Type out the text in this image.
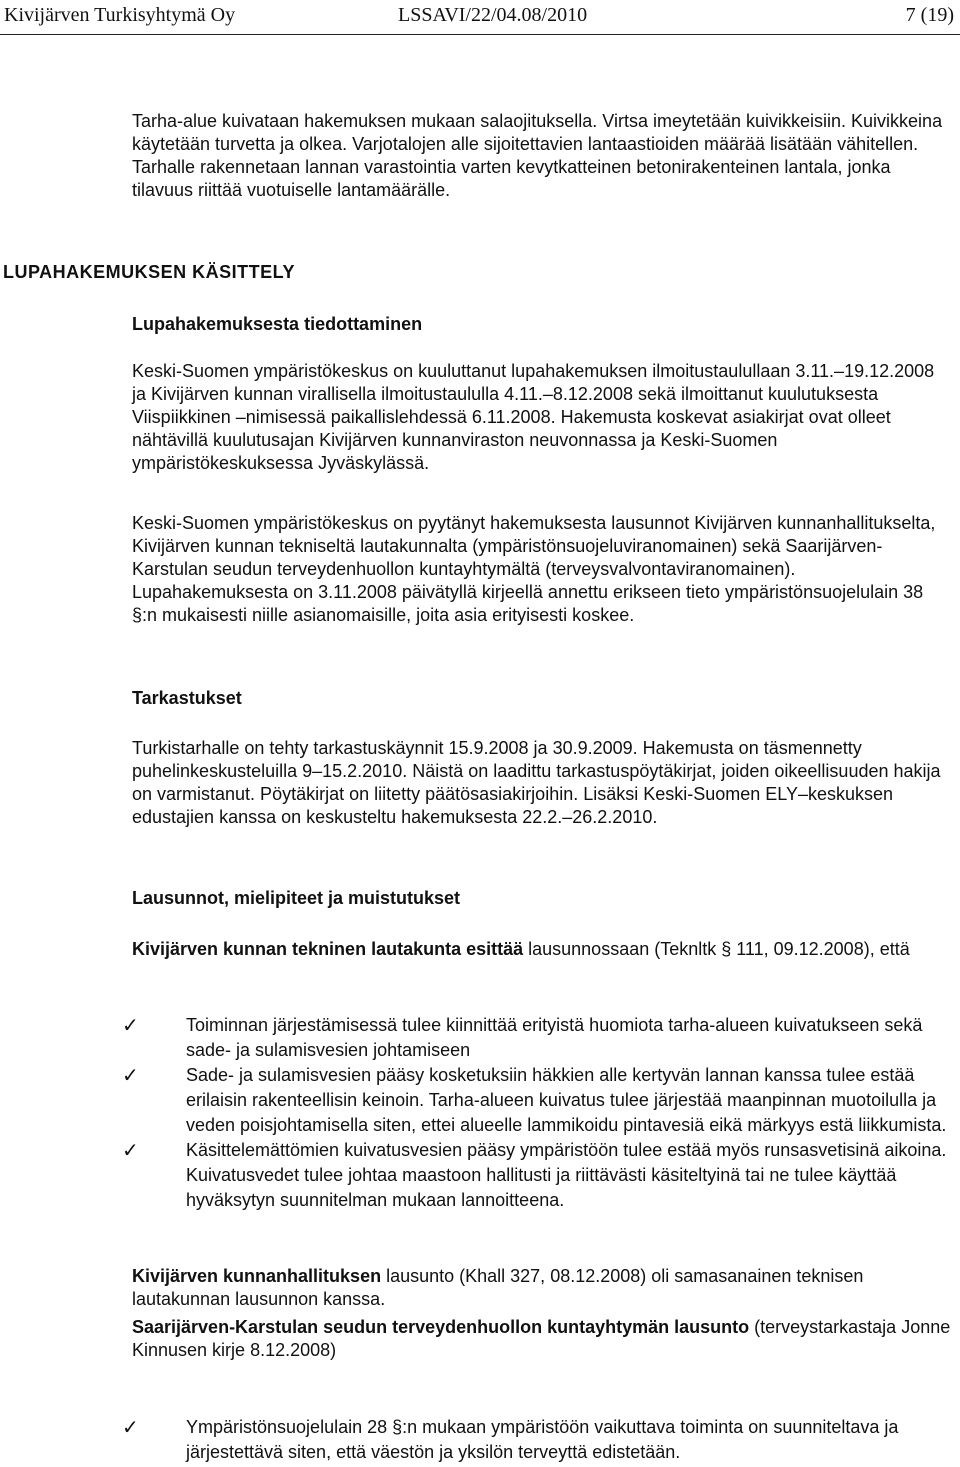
Kivijärven Turkisyhtymä Oy	LSSAVI/22/04.08/2010	7 (19)

Tarha-alue kuivataan hakemuksen mukaan salaojituksella. Virtsa imeytetään kuivikkeisiin. Kuivikkeina käytetään turvetta ja olkea. Varjotalojen alle sijoitettavien lantaastioiden määrää lisätään vähitellen. Tarhalle rakennetaan lannan varastointia varten kevytkatteinen betonirakenteinen lantala, jonka tilavuus riittää vuotuiselle lantamäärälle.

LUPAHAKEMUKSEN KÄSITTELY
Lupahakemuksesta tiedottaminen

Keski-Suomen ympäristökeskus on kuuluttanut lupahakemuksen ilmoitustaulullaan 3.11.–19.12.2008 ja Kivijärven kunnan virallisella ilmoitustaululla 4.11.–8.12.2008 sekä ilmoittanut kuulutuksesta Viispiikkinen –nimisessä paikallislehdessä 6.11.2008. Hakemusta koskevat asiakirjat ovat olleet nähtävillä kuulutusajan Kivijärven kunnanviraston neuvonnassa ja Keski-Suomen ympäristökeskuksessa Jyväskylässä.

Keski-Suomen ympäristökeskus on pyytänyt hakemuksesta lausunnot Kivijärven kunnanhallitukselta, Kivijärven kunnan tekniseltä lautakunnalta (ympäristönsuojeluviranomainen) sekä Saarijärven-Karstulan seudun terveydenhuollon kuntayhtymältä (terveysvalvontaviranomainen). Lupahakemuksesta on 3.11.2008 päivätyllä kirjeellä annettu erikseen tieto ympäristönsuojelulain 38 §:n mukaisesti niille asianomaisille, joita asia erityisesti koskee.

Tarkastukset

Turkistarhalle on tehty tarkastuskäynnit 15.9.2008 ja 30.9.2009. Hakemusta on täsmennetty puhelinkeskusteluilla 9–15.2.2010. Näistä on laadittu tarkastuspöytäkirjat, joiden oikeellisuuden hakija on varmistanut. Pöytäkirjat on liitetty päätösasiakirjoihin. Lisäksi Keski-Suomen ELY–keskuksen edustajien kanssa on keskusteltu hakemuksesta 22.2.–26.2.2010.

Lausunnot, mielipiteet ja muistutukset

Kivijärven kunnan tekninen lautakunta esittää lausunnossaan (Teknltk § 111, 09.12.2008), että

✓	Toiminnan järjestämisessä tulee kiinnittää erityistä huomiota tarha-alueen kuivatukseen sekä sade- ja sulamisvesien johtamiseen
✓	Sade- ja sulamisvesien pääsy kosketuksiin häkkien alle kertyvän lannan kanssa tulee estää erilaisin rakenteellisin keinoin. Tarha-alueen kuivatus tulee järjestää maanpinnan muotoilulla ja veden poisjohtamisella siten, ettei alueelle lammikoidu pintavesiä eikä märkyys estä liikkumista.
✓	Käsittelemättömien kuivatusvesien pääsy ympäristöön tulee estää myös runsasvetisinä aikoina. Kuivatusvedet tulee johtaa maastoon hallitusti ja riittävästi käsiteltyinä tai ne tulee käyttää hyväksytyn suunnitelman mukaan lannoitteena.

Kivijärven kunnanhallituksen lausunto (Khall 327, 08.12.2008) oli samasanainen teknisen lautakunnan lausunnon kanssa.

Saarijärven-Karstulan seudun terveydenhuollon kuntayhtymän lausunto (terveystarkastaja Jonne Kinnusen kirje 8.12.2008)

✓	Ympäristönsuojelulain 28 §:n mukaan ympäristöön vaikuttava toiminta on suunniteltava ja järjestettävä siten, että väestön ja yksilön terveyttä edistetään.
